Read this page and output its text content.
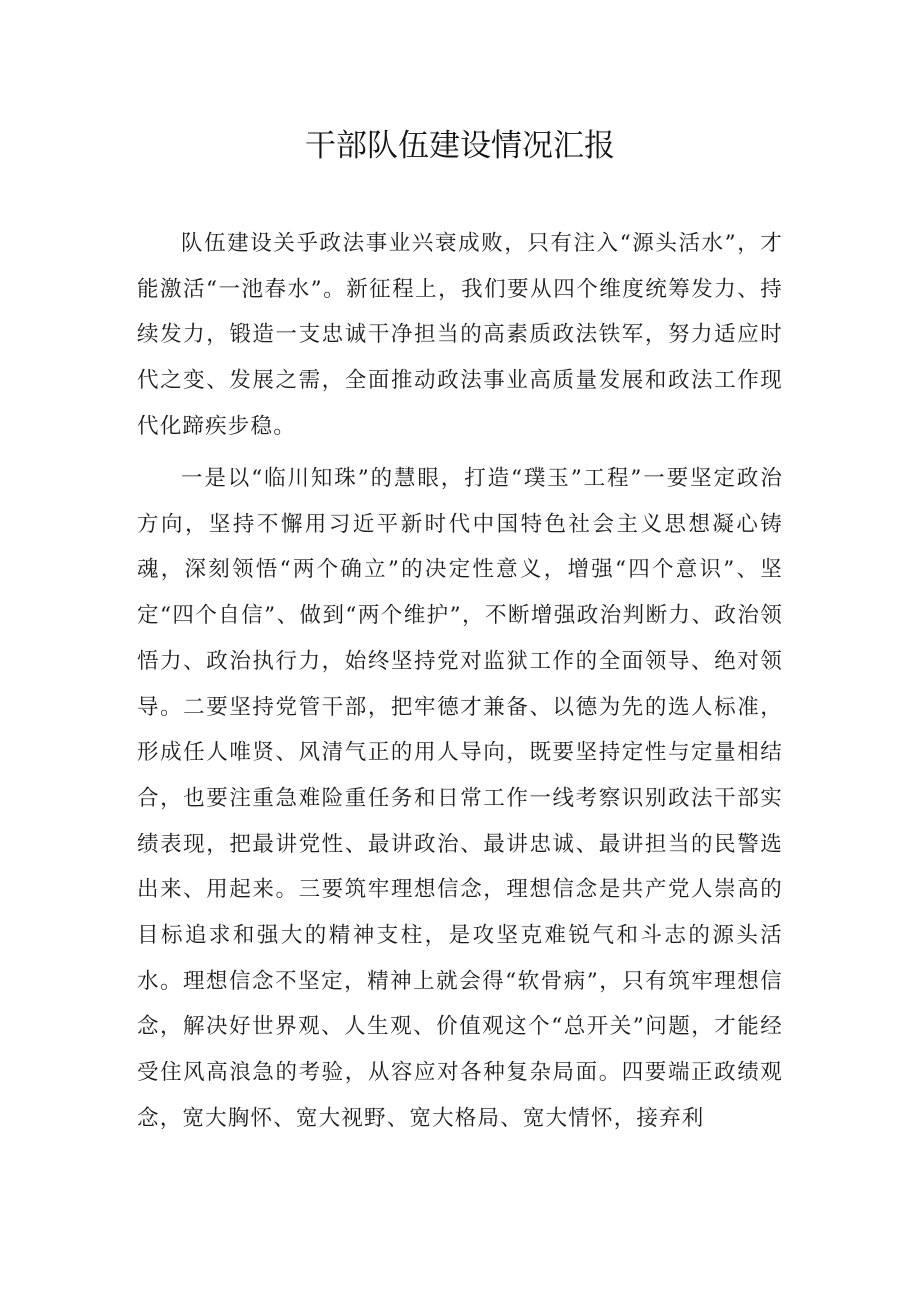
干部队伍建设情况汇报

队伍建设关乎政法事业兴衰成败，只有注入“源头活水”，才能激活“一池春水”。新征程上，我们要从四个维度统筹发力、持续发力，锻造一支忠诚干净担当的高素质政法铁军，努力适应时代之变、发展之需，全面推动政法事业高质量发展和政法工作现代化蹄疾步稳。

一是以“临川知珠”的慧眼，打造“璞玉”工程”一要坚定政治方向，坚持不懈用习近平新时代中国特色社会主义思想凝心铸魂，深刻领悟“两个确立”的决定性意义，增强“四个意识”、坚定“四个自信”、做到“两个维护”，不断增强政治判断力、政治领悟力、政治执行力，始终坚持党对监狱工作的全面领导、绝对领导。二要坚持党管干部，把牢德才兼备、以德为先的选人标准，形成任人唯贤、风清气正的用人导向，既要坚持定性与定量相结合，也要注重急难险重任务和日常工作一线考察识别政法干部实绩表现，把最讲党性、最讲政治、最讲忠诚、最讲担当的民警选出来、用起来。三要筑牢理想信念，理想信念是共产党人崇高的目标追求和强大的精神支柱，是攻坚克难锐气和斗志的源头活水。理想信念不坚定，精神上就会得“软骨病”，只有筑牢理想信念，解决好世界观、人生观、价值观这个“总开关”问题，才能经受住风高浪急的考验，从容应对各种复杂局面。四要端正政绩观念，宽大胸怀、宽大视野、宽大格局、宽大情怀，接弃利
